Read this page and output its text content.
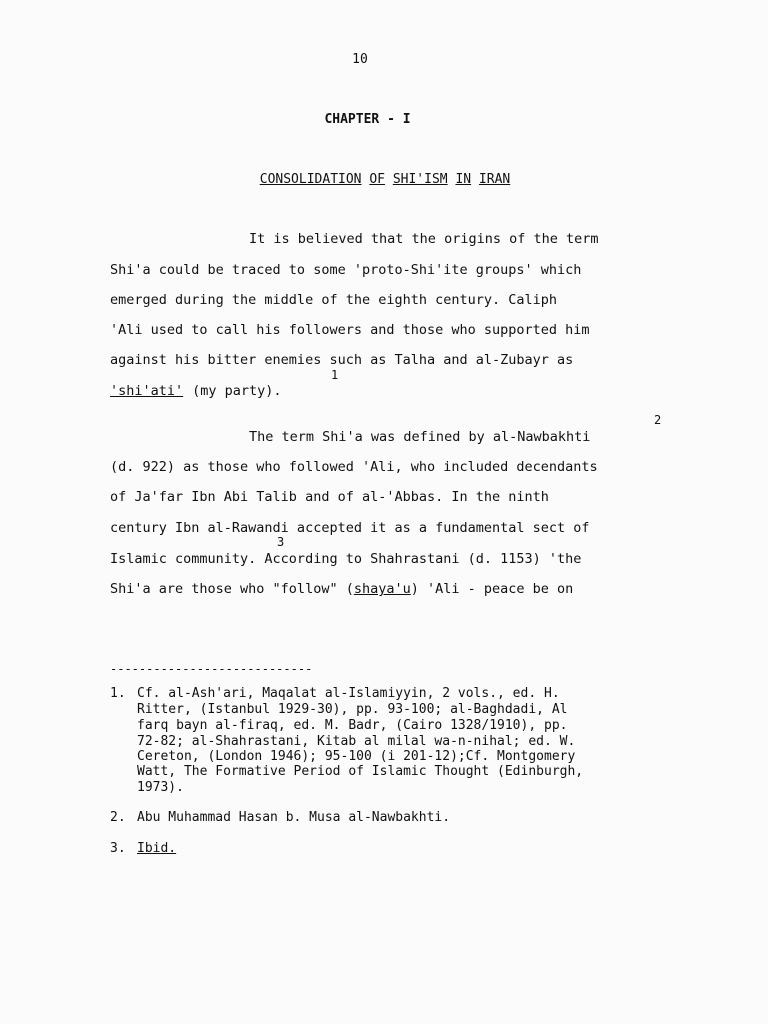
10
CHAPTER - I
CONSOLIDATION OF SHI'ISM IN IRAN
It is believed that the origins of the term
Shi'a could be traced to some 'proto-Shi'ite groups' which
emerged during the middle of the eighth century. Caliph
'Ali used to call his followers and those who supported him
against his bitter enemies such as Talha and al-Zubayr as
1
'shi'ati' (my party).
2
The term Shi'a was defined by al-Nawbakhti
(d. 922) as those who followed 'Ali, who included decendants
of Ja'far Ibn Abi Talib and of al-'Abbas. In the ninth
century Ibn al-Rawandi accepted it as a fundamental sect of
3
Islamic community. According to Shahrastani (d. 1153) 'the
Shi'a are those who "follow" (shaya'u) 'Ali - peace be on
----------------------------
1. Cf. al-Ash'ari, Maqalat al-Islamiyyin, 2 vols., ed. H.
Ritter, (Istanbul 1929-30), pp. 93-100; al-Baghdadi, Al
farq bayn al-firaq, ed. M. Badr, (Cairo 1328/1910), pp.
72-82; al-Shahrastani, Kitab al milal wa-n-nihal; ed. W.
Cereton, (London 1946); 95-100 (i 201-12);Cf. Montgomery
Watt, The Formative Period of Islamic Thought (Edinburgh,
1973).
2. Abu Muhammad Hasan b. Musa al-Nawbakhti.
3. Ibid.
